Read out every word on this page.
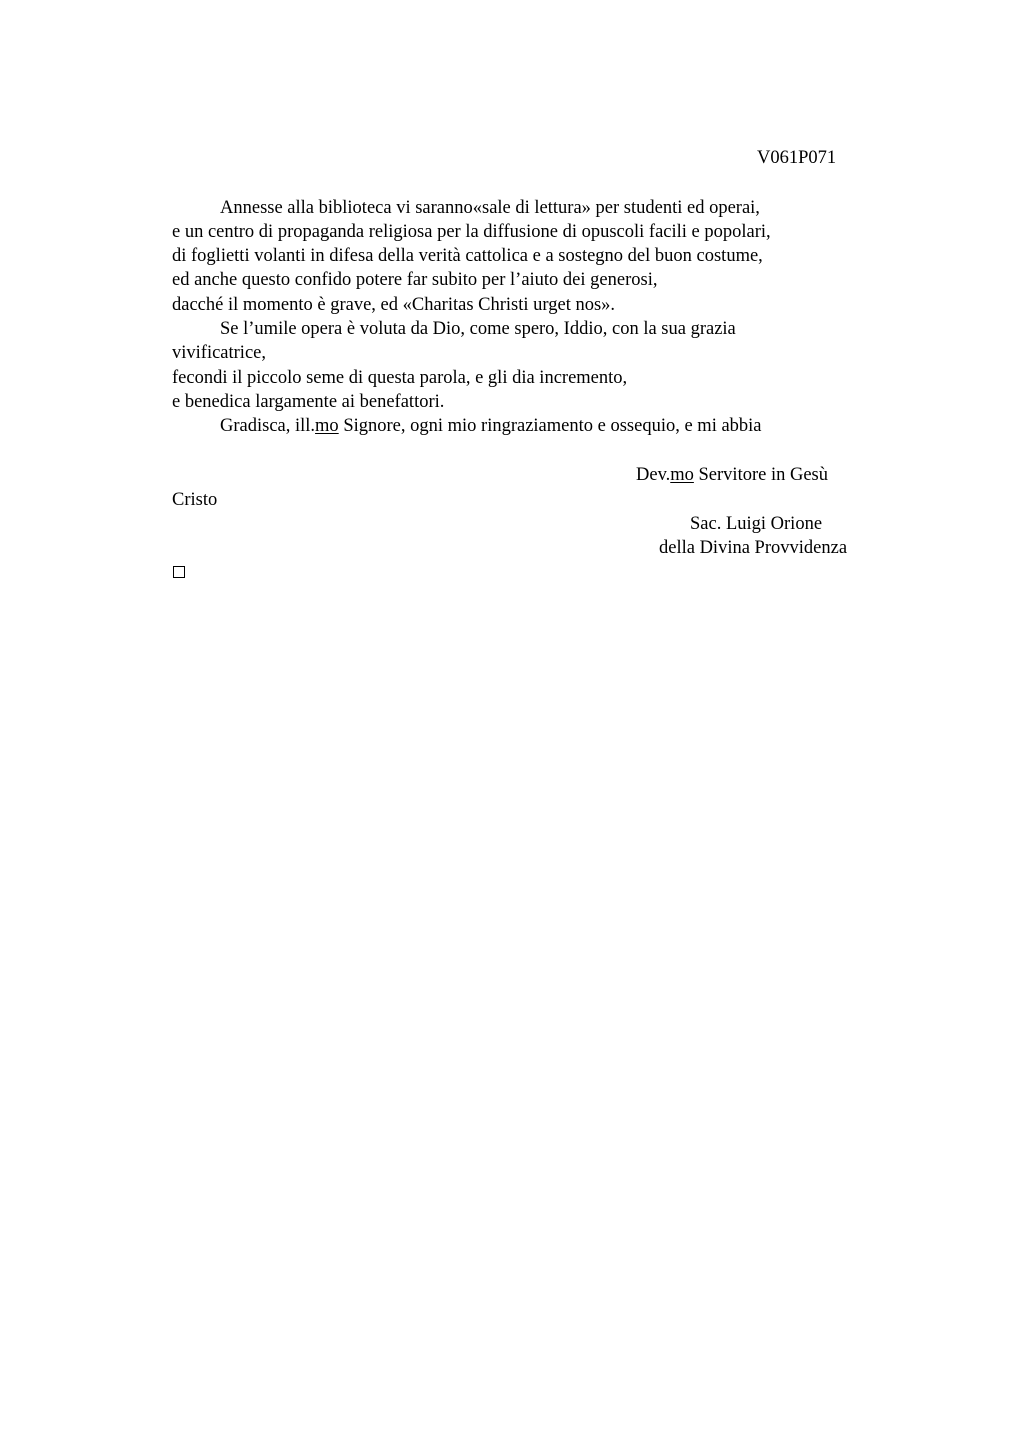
V061P071
Annesse alla biblioteca vi saranno«sale di lettura» per studenti ed operai,
e un centro di propaganda religiosa per la diffusione di opuscoli facili e popolari,
di foglietti volanti in difesa della verità cattolica e a sostegno del buon costume,
ed anche questo confido potere far subito per l’aiuto dei generosi,
dacché il momento è grave, ed «Charitas Christi urget nos».
Se l’umile opera è voluta da Dio, come spero, Iddio, con la sua grazia
vivificatrice,
fecondi il piccolo seme di questa parola, e gli dia incremento,
e benedica largamente ai benefattori.
Gradisca, ill.mo Signore, ogni mio ringraziamento e ossequio, e mi abbia
Dev.mo Servitore in Gesù
Cristo
Sac. Luigi Orione
della Divina Provvidenza
